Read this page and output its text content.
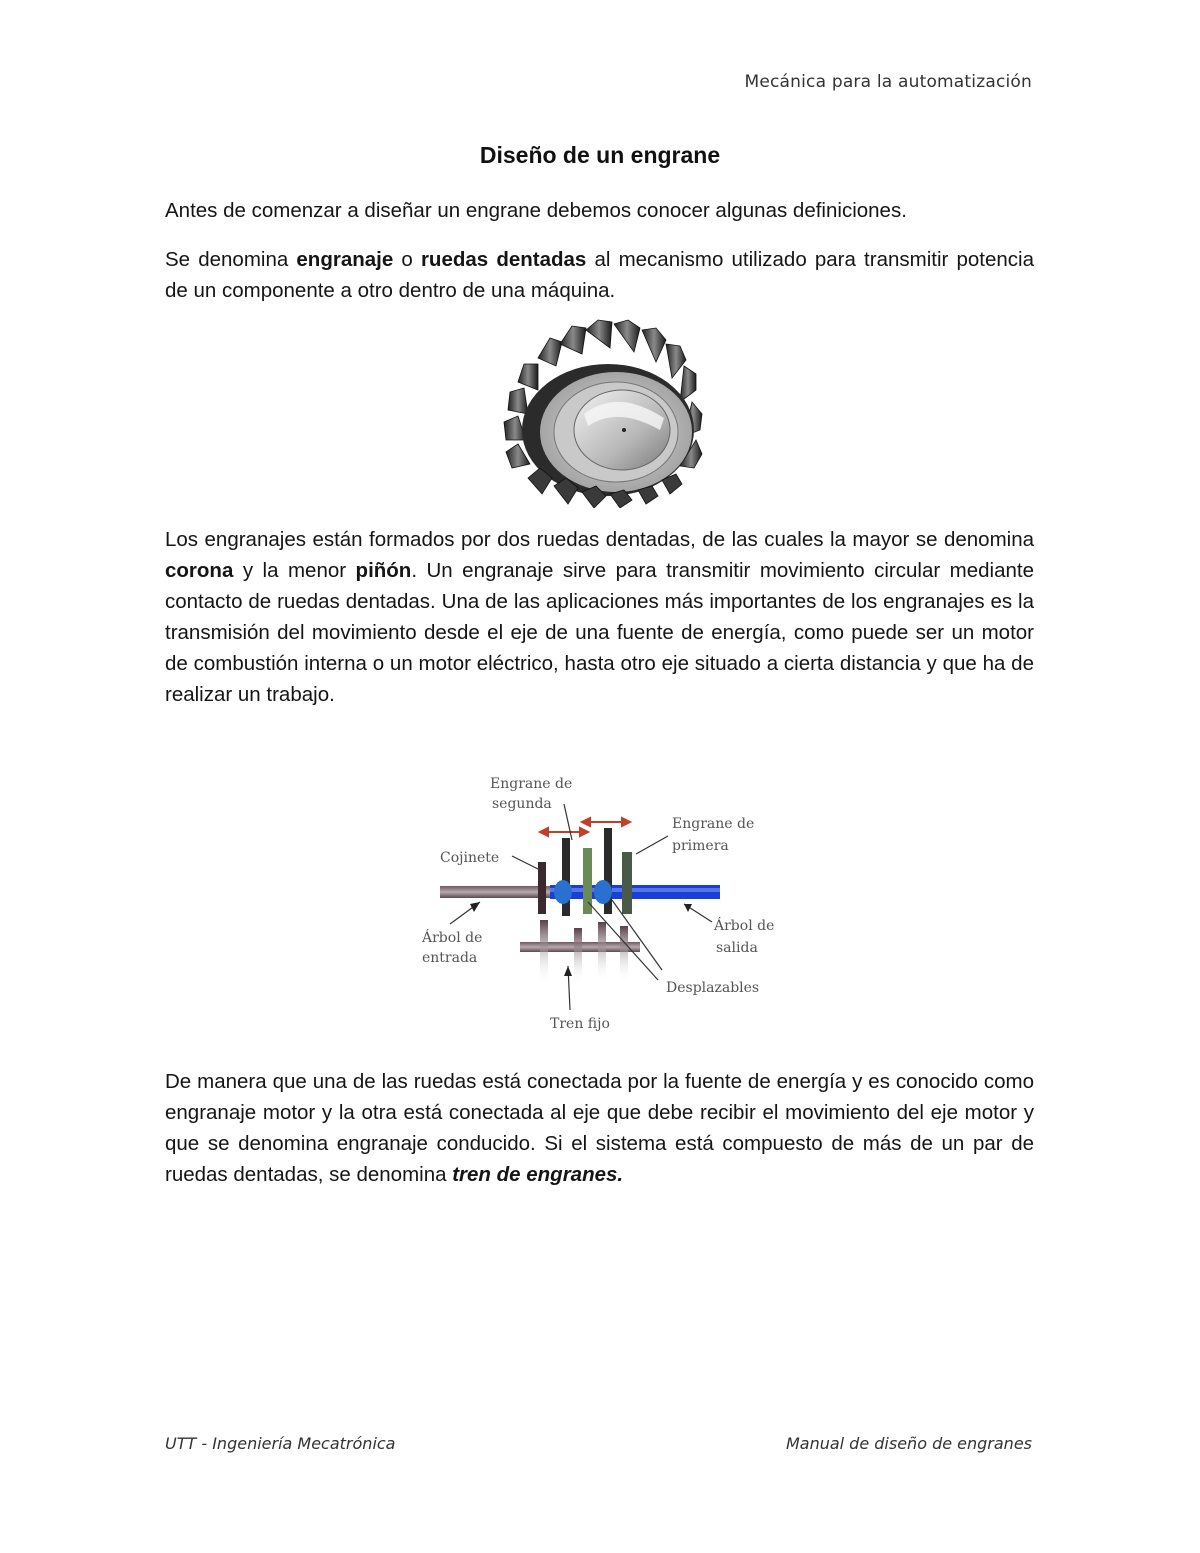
Mecánica para la automatización
Diseño de un engrane
Antes de comenzar a diseñar un engrane debemos conocer algunas definiciones.
Se denomina engranaje o ruedas dentadas al mecanismo utilizado para transmitir potencia de un componente a otro dentro de una máquina.
Los engranajes están formados por dos ruedas dentadas, de las cuales la mayor se denomina corona y la menor piñón. Un engranaje sirve para transmitir movimiento circular mediante contacto de ruedas dentadas. Una de las aplicaciones más importantes de los engranajes es la transmisión del movimiento desde el eje de una fuente de energía, como puede ser un motor de combustión interna o un motor eléctrico, hasta otro eje situado a cierta distancia y que ha de realizar un trabajo.
Engrane de
segunda
Engrane de
primera
Cojinete
Árbol de
entrada
Árbol de
salida
Desplazables
Tren fijo
De manera que una de las ruedas está conectada por la fuente de energía y es conocido como engranaje motor y la otra está conectada al eje que debe recibir el movimiento del eje motor y que se denomina engranaje conducido. Si el sistema está compuesto de más de un par de ruedas dentadas, se denomina tren de engranes.
UTT - Ingeniería Mecatrónica	Manual de diseño de engranes
